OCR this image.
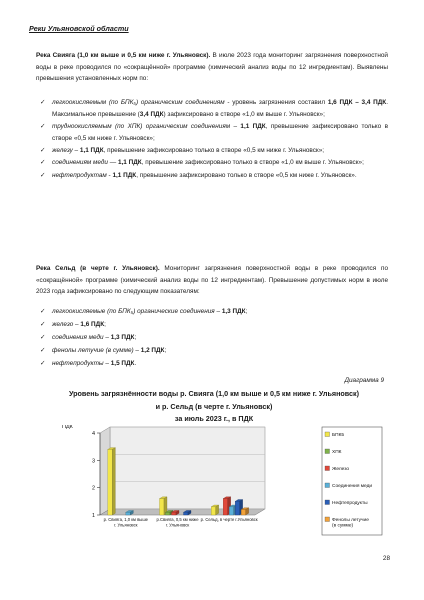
Реки Ульяновской области

Река Свияга (1,0 км выше и 0,5 км ниже г. Ульяновск). В июле 2023 года мониторинг загрязнения поверхностной воды в реке проводился по «сокращённой» программе (химический анализ воды по 12 ингредиентам). Выявлены превышения установленных норм по:

✓ легкоокисляемым (по БПК₅) органическим соединениям - уровень загрязнения составил 1,6 ПДК – 3,4 ПДК. Максимальное превышение (3,4 ПДК) зафиксировано в створе «1,0 км выше г. Ульяновск»;
✓ трудноокисляемым (по ХПК) органическим соединениям – 1,1 ПДК, превышение зафиксировано только в створе «0,5 км ниже г. Ульяновск»;
✓ железу – 1,1 ПДК, превышение зафиксировано только в створе «0,5 км ниже г. Ульяновск»;
✓ соединениям меди — 1,1 ПДК, превышение зафиксировано только в створе «1,0 км выше г. Ульяновск»;
✓ нефтепродуктам - 1,1 ПДК, превышение зафиксировано только в створе «0,5 км ниже г. Ульяновск».

Река Сельд (в черте г. Ульяновск). Мониторинг загрязнения поверхностной воды в реке проводился по «сокращённой» программе (химический анализ воды по 12 ингредиентам). Превышение допустимых норм в июле 2023 года зафиксировано по следующим показателям:

✓ легкоокисляемые (по БПК₅) органические соединения – 1,3 ПДК;
✓ железо – 1,6 ПДК;
✓ соединения меди – 1,3 ПДК;
✓ фенолы летучие (в сумме) – 1,2 ПДК;
✓ нефтепродукты – 1,5 ПДК.
Диаграмма 9
Уровень загрязнённости воды р. Свияга (1,0 км выше и 0,5 км ниже г. Ульяновск)
и р. Сельд (в черте г. Ульяновск)
за июль 2023 г., в ПДК
1
2
3
4
ПДК
р. Свияга, 1,0 км выше
г. Ульяновск
р.Свияга, 0,5 км ниже
г. Ульяновск
р. Сельд, в черте г.Ульяновск
БПК5
ХПК
Железо
Соединения меди
Нефтепродукты
Фенолы летучие
(в сумме)
28
